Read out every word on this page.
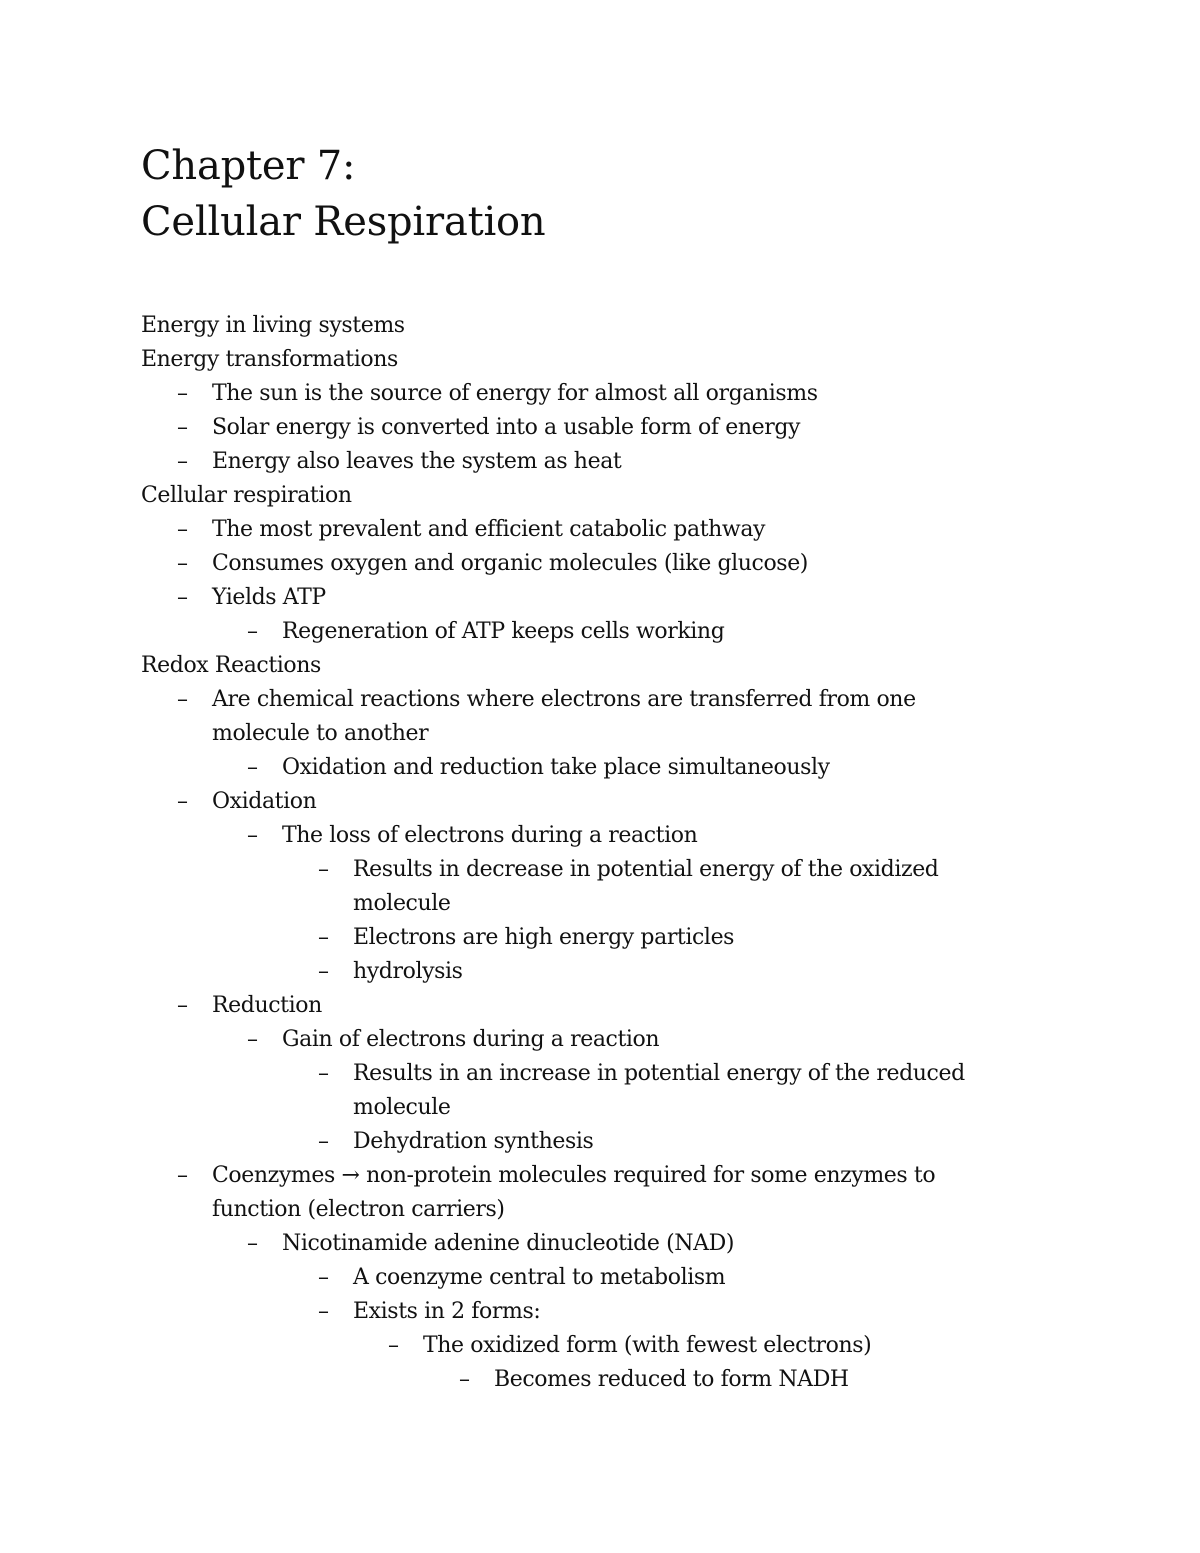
Chapter 7:
Cellular Respiration
Energy in living systems
Energy transformations
– The sun is the source of energy for almost all organisms
– Solar energy is converted into a usable form of energy
– Energy also leaves the system as heat
Cellular respiration
– The most prevalent and efficient catabolic pathway
– Consumes oxygen and organic molecules (like glucose)
– Yields ATP
– Regeneration of ATP keeps cells working
Redox Reactions
– Are chemical reactions where electrons are transferred from one
molecule to another
– Oxidation and reduction take place simultaneously
– Oxidation
– The loss of electrons during a reaction
– Results in decrease in potential energy of the oxidized
molecule
– Electrons are high energy particles
– hydrolysis
– Reduction
– Gain of electrons during a reaction
– Results in an increase in potential energy of the reduced
molecule
– Dehydration synthesis
– Coenzymes → non-protein molecules required for some enzymes to
function (electron carriers)
– Nicotinamide adenine dinucleotide (NAD)
– A coenzyme central to metabolism
– Exists in 2 forms:
– The oxidized form (with fewest electrons)
– Becomes reduced to form NADH
